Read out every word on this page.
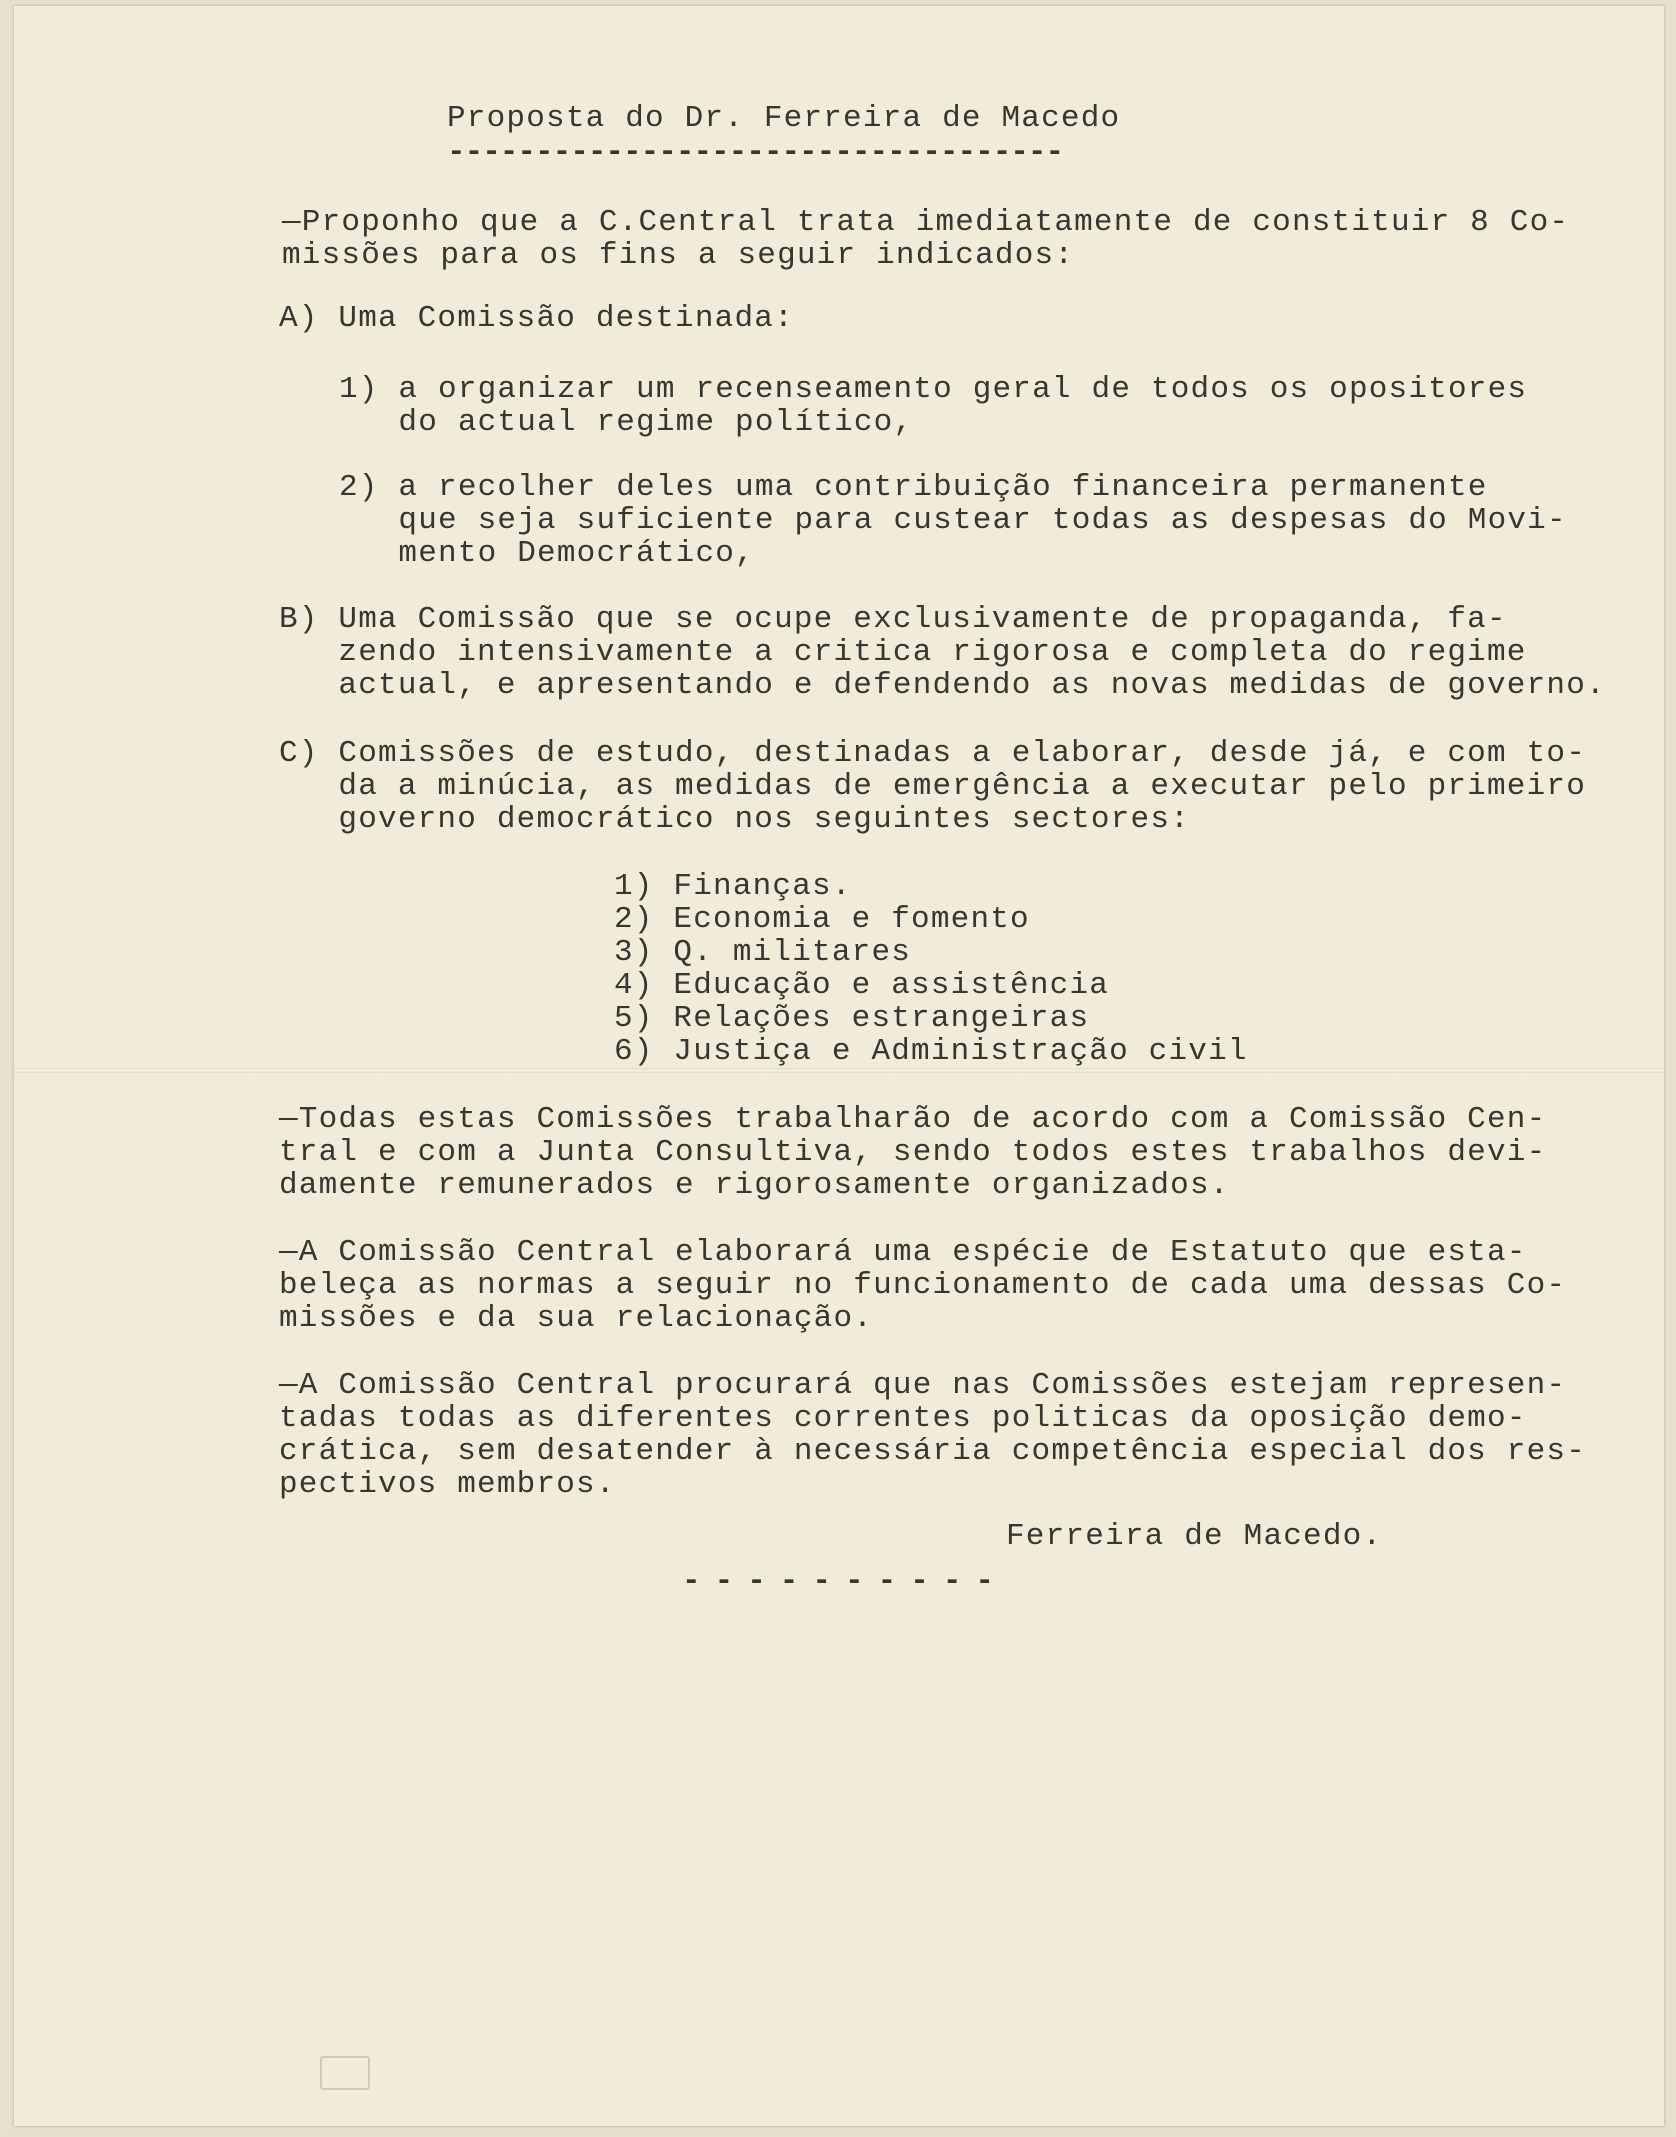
Proposta do Dr. Ferreira de Macedo
-----------------------------------
—Proponho que a C.Central trata imediatamente de constituir 8 Co-
missões para os fins a seguir indicados:
A) Uma Comissão destinada:
1) a organizar um recenseamento geral de todos os opositores
do actual regime político,
2) a recolher deles uma contribuição financeira permanente
que seja suficiente para custear todas as despesas do Movi-
mento Democrático,
B) Uma Comissão que se ocupe exclusivamente de propaganda, fa-
zendo intensivamente a critica rigorosa e completa do regime
actual, e apresentando e defendendo as novas medidas de governo.
C) Comissões de estudo, destinadas a elaborar, desde já, e com to-
da a minúcia, as medidas de emergência a executar pelo primeiro
governo democrático nos seguintes sectores:
1) Finanças.
2) Economia e fomento
3) Q. militares
4) Educação e assistência
5) Relações estrangeiras
6) Justiça e Administração civil
—Todas estas Comissões trabalharão de acordo com a Comissão Cen-
tral e com a Junta Consultiva, sendo todos estes trabalhos devi-
damente remunerados e rigorosamente organizados.
—A Comissão Central elaborará uma espécie de Estatuto que esta-
beleça as normas a seguir no funcionamento de cada uma dessas Co-
missões e da sua relacionação.
—A Comissão Central procurará que nas Comissões estejam represen-
tadas todas as diferentes correntes politicas da oposição demo-
crática, sem desatender à necessária competência especial dos res-
pectivos membros.
Ferreira de Macedo.
----------
